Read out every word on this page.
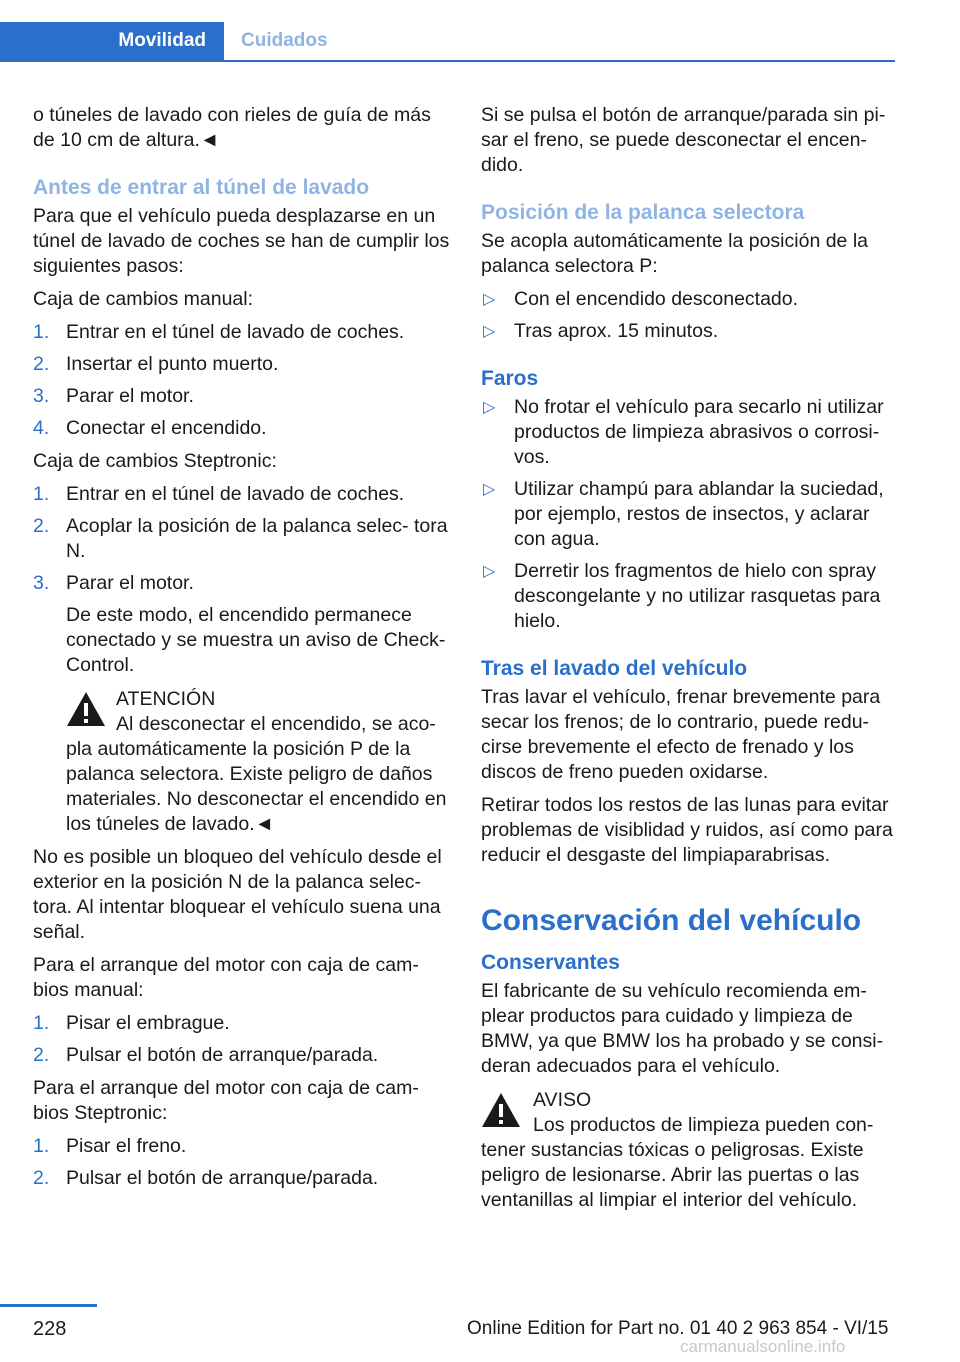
Movilidad	Cuidados

o túneles de lavado con rieles de guía de más de 10 cm de altura.◄

Antes de entrar al túnel de lavado

Para que el vehículo pueda desplazarse en un túnel de lavado de coches se han de cumplir los siguientes pasos:

Caja de cambios manual:

1. Entrar en el túnel de lavado de coches.
2. Insertar el punto muerto.
3. Parar el motor.
4. Conectar el encendido.

Caja de cambios Steptronic:

1. Entrar en el túnel de lavado de coches.
2. Acoplar la posición de la palanca selec‐ tora N.
3. Parar el motor.
De este modo, el encendido permanece conectado y se muestra un aviso de Check-Control.
ATENCIÓN
Al desconectar el encendido, se aco‐ pla automáticamente la posición P de la palanca selectora. Existe peligro de daños materiales. No desconectar el encendido en los túneles de lavado.◄

No es posible un bloqueo del vehículo desde el exterior en la posición N de la palanca selec‐ tora. Al intentar bloquear el vehículo suena una señal.

Para el arranque del motor con caja de cam‐ bios manual:

1. Pisar el embrague.
2. Pulsar el botón de arranque/parada.

Para el arranque del motor con caja de cam‐ bios Steptronic:

1. Pisar el freno.
2. Pulsar el botón de arranque/parada.

Si se pulsa el botón de arranque/parada sin pi‐ sar el freno, se puede desconectar el encen‐ dido.

Posición de la palanca selectora

Se acopla automáticamente la posición de la palanca selectora P:

▷ Con el encendido desconectado.
▷ Tras aprox. 15 minutos.
Faros
▷ No frotar el vehículo para secarlo ni utilizar productos de limpieza abrasivos o corrosi‐ vos.
▷ Utilizar champú para ablandar la suciedad, por ejemplo, restos de insectos, y aclarar con agua.
▷ Derretir los fragmentos de hielo con spray descongelante y no utilizar rasquetas para hielo.
Tras el lavado del vehículo

Tras lavar el vehículo, frenar brevemente para secar los frenos; de lo contrario, puede redu‐ cirse brevemente el efecto de frenado y los discos de freno pueden oxidarse.

Retirar todos los restos de las lunas para evitar problemas de visiblidad y ruidos, así como para reducir el desgaste del limpiaparabrisas.

Conservación del vehículo
Conservantes

El fabricante de su vehículo recomienda em‐ plear productos para cuidado y limpieza de BMW, ya que BMW los ha probado y se consi‐ deran adecuados para el vehículo.

AVISO
Los productos de limpieza pueden con‐ tener sustancias tóxicas o peligrosas. Existe peligro de lesionarse. Abrir las puertas o las ventanillas al limpiar el interior del vehículo.
228	Online Edition for Part no. 01 40 2 963 854 - VI/15
carmanualsonline.info
